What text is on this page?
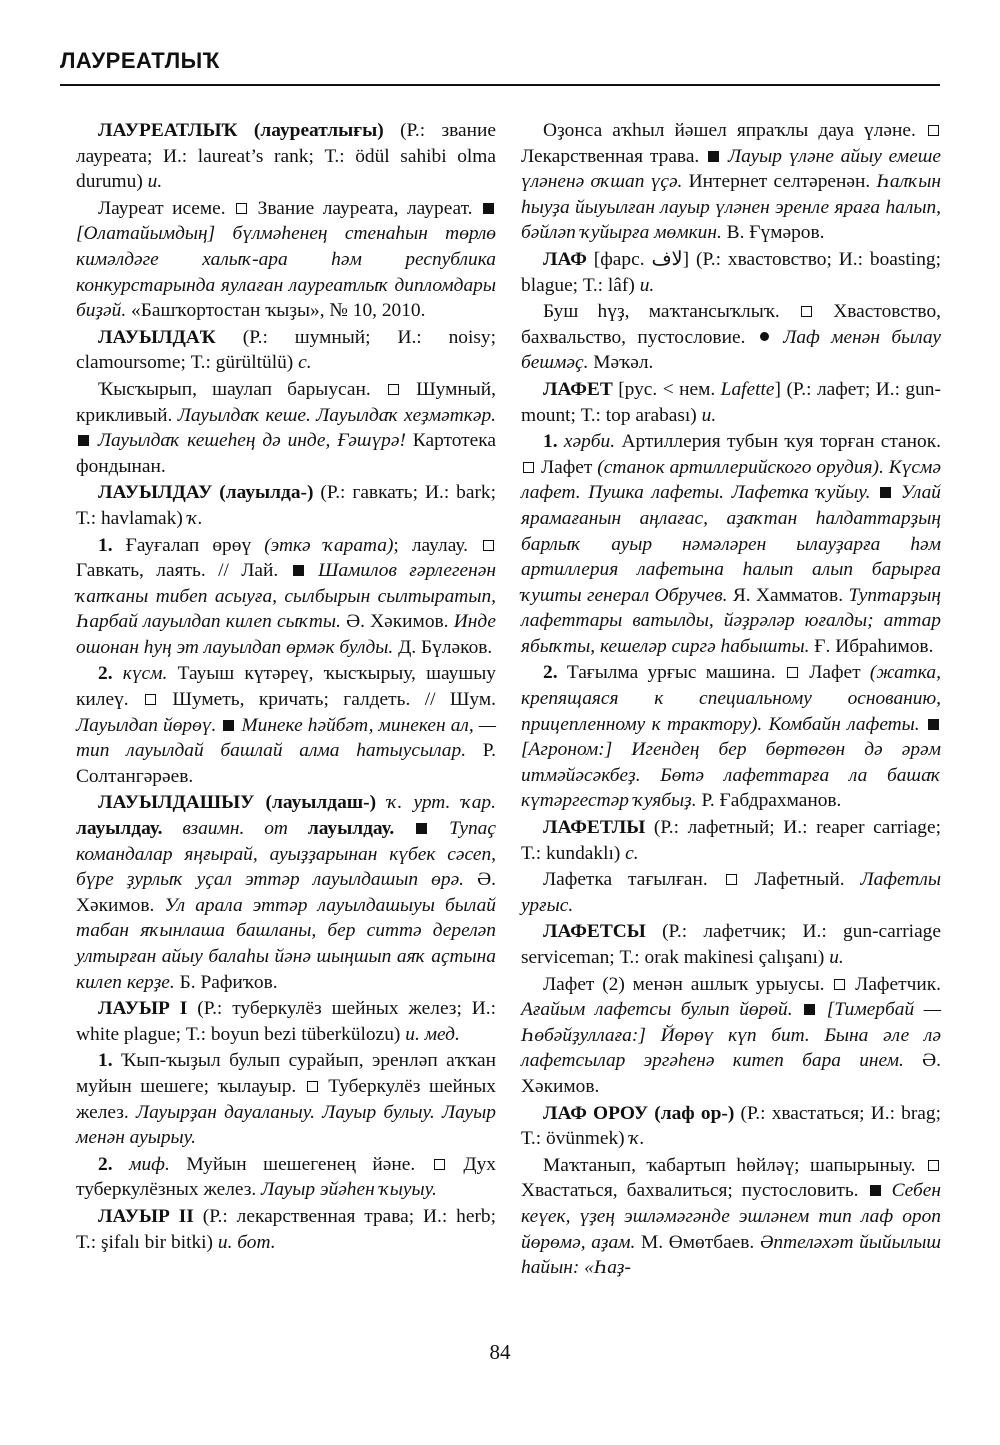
ЛАУРЕАТЛЫҠ

ЛАУРЕАТЛЫҠ (лауреатлығы) (Р.: звание лауреата; И.: laureat’s rank; Т.: ödül sahibi olma durumu) и.

Лауреат исеме. Звание лауреата, лауреат.  [Олатайымдың] бүлмәһенең стенаһын төрлө кимәлдәге халыҡ-ара һәм республика конкурстарында яулаған лауреатлыҡ дипломдары биҙәй. «Башҡортостан ҡыҙы», № 10, 2010.

ЛАУЫЛДАҠ (Р.: шумный; И.: noisy; clamoursome; Т.: gürültülü) с.

Ҡысҡырып, шаулап барыусан. Шумный, крикливый. Лауылдаҡ кеше. Лауылдаҡ хеҙмәткәр.  Лауылдаҡ кешеһең дә инде, Ғәшүрә! Картотека фондынан.

ЛАУЫЛДАУ (лауылда-) (Р.: гавкать; И.: bark; Т.: havlamak) ҡ.

1. Ғауғалап өрөү (эткә ҡарата); лаулау.  Гавкать, лаять. // Лай. Шамилов ғәрлегенән ҡапҡаны тибеп асыуға, сылбырын сылтыратып, Һарбай лауылдап килеп сыҡты. Ә. Хәкимов. Инде ошонан һуң эт лауылдап өрмәк булды. Д. Бүләков.

2. күсм. Тауыш күтәреү, ҡысҡырыу, шаушыу килеү. Шуметь, кричать; галдеть. // Шум. Лауылдап йөрөү. Минеке һәйбәт, минекен ал, — тип лауылдай башлай алма һатыусылар. Р. Солтангәрәев.

ЛАУЫЛДАШЫУ (лауылдаш-) ҡ. урт. ҡар. лауылдау. взаимн. от лауылдау.	Тупаҫ командалар яңғырай, ауыҙҙарынан күбек сәсеп, бүре ҙурлыҡ уҫал эттәр лауылдашып өрә. Ә. Хәкимов. Ул арала эттәр лауылдашыуы былай табан яҡынлаша башланы, бер ситтә дереләп ултырған айыу балаһы йәнә шыңшып аяҡ аҫтына килеп керҙе. Б. Рафиҡов.

ЛАУЫР I (Р.: туберкулёз шейных желез; И.: white plague; Т.: boyun bezi tüberkülozu) и. мед.

1. Ҡып-ҡыҙыл булып сурайып, эренләп аҡҡан муйын шешеге; ҡылауыр. Туберкулёз шейных желез. Лауырҙан дауаланыу. Лауыр булыу. Лауыр менән ауырыу.

2. миф. Муйын шешегенең йәне. Дух туберкулёзных желез. Лауыр эйәһен ҡыуыу.

ЛАУЫР II (Р.: лекарственная трава; И.: herb; Т.: şifalı bir bitki) и. бот.

Оҙонса аҡһыл йәшел япраҡлы дауа үләне.  Лекарственная трава. Лауыр үләне айыу емеше үләненә оҡшап үҫә. Интернет селтәренән. Һалҡын һыуҙа йыуылған лауыр үләнен эренле яраға һалып, бәйләп ҡуйырға мөмкин. В. Ғүмәров.

ЛАФ [фарс. لاف] (Р.: хвастовство; И.: boasting; blague; Т.: lâf) и.

Буш һүҙ, маҡтансыҡлыҡ.	Хвастовство, бахвальство, пустословие. Лаф менән былау бешмәҫ. Мәҡәл.

ЛАФЕТ [рус. < нем. Lafette] (Р.: лафет; И.: gun-mount; Т.: top arabası) и.

1. хәрби. Артиллерия тубын ҡуя торған станок.  Лафет (станок артиллерийского орудия). Күсмә лафет. Пушка лафеты. Лафетка ҡуйыу. Улай ярамағанын аңлағас, аҙаҡтан һалдаттарҙың барлыҡ ауыр нәмәләрен ылауҙарға һәм артиллерия лафетына һалып алып барырға ҡушты генерал Обручев. Я. Хамматов. Туптарҙың лафеттары ватылды, йәҙрәләр юғалды; аттар ябыҡты, кешеләр сиргә һабышты. Ғ. Ибраһимов.

2. Тағылма урғыс машина. Лафет (жатка, крепящаяся к специальному основанию, прицепленному к трактору). Комбайн лафеты.  [Агроном:] Игендең бер бөртөгөн дә әрәм итмәйәсәкбеҙ. Бөтә лафеттарға ла башаҡ күтәргестәр ҡуябыҙ. Р. Ғабдрахманов.

ЛАФЕТЛЫ (Р.: лафетный; И.: reaper carriage; Т.: kundaklı) с.

Лафетка тағылған. Лафетный. Лафетлы урғыс.

ЛАФЕТСЫ (Р.: лафетчик; И.: gun-carriage serviceman; Т.: orak makinesi çalışanı) и.

Лафет (2) менән ашлыҡ урыусы. Лафетчик. Ағайым лафетсы булып йөрөй. [Тимербай — Һөбәйҙуллаға:] Йөрөү күп бит. Бына әле лә лафетсылар эргәһенә китеп бара инем. Ә. Хәкимов.

ЛАФ ОРОУ (лаф ор-) (Р.: хвастаться; И.: brag; Т.: övünmek) ҡ.

Маҡтанып, ҡабартып һөйләү; шапырыныу.  Хвастаться, бахвалиться; пустословить. Себен кеүек, үҙең эшләмәгәнде эшләнем тип лаф ороп йөрөмә, аҙам. М. Өмөтбаев. Әптеләхәт йыйылыш һайын: «Һаҙ-

84
